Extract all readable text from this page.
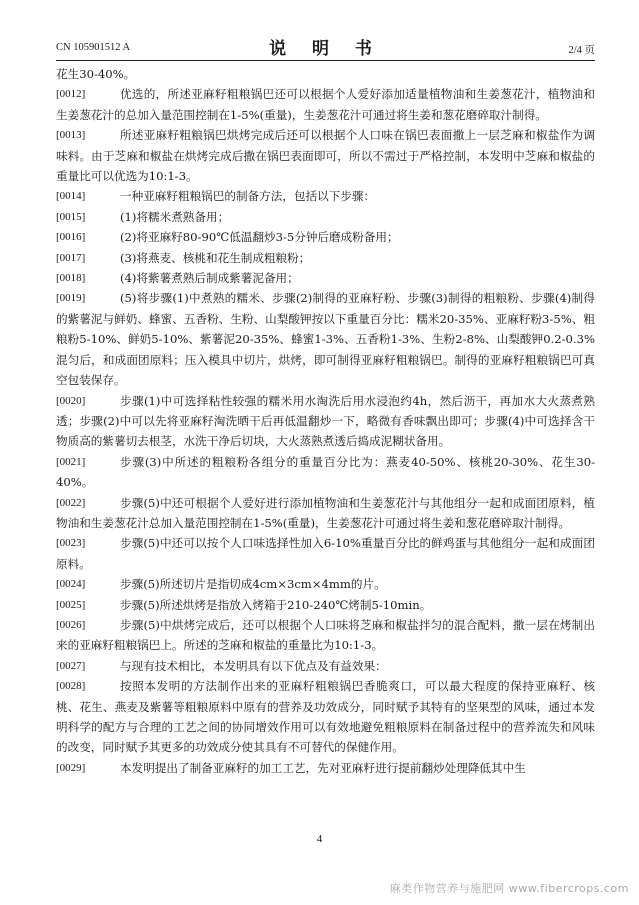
CN 105901512 A	说 明 书	2/4 页
花生30-40%。
[0012]	优选的，所述亚麻籽粗粮锅巴还可以根据个人爱好添加适量植物油和生姜葱花汁，植物油和生姜葱花汁的总加入量范围控制在1-5%(重量)，生姜葱花汁可通过将生姜和葱花磨碎取汁制得。
[0013]	所述亚麻籽粗粮锅巴烘烤完成后还可以根据个人口味在锅巴表面撒上一层芝麻和椒盐作为调味料。由于芝麻和椒盐在烘烤完成后撒在锅巴表面即可，所以不需过于严格控制，本发明中芝麻和椒盐的重量比可以优选为10:1-3。
[0014]	一种亚麻籽粗粮锅巴的制备方法，包括以下步骤：
[0015]	(1)将糯米煮熟备用；
[0016]	(2)将亚麻籽80-90℃低温翻炒3-5分钟后磨成粉备用；
[0017]	(3)将燕麦、核桃和花生制成粗粮粉；
[0018]	(4)将紫薯煮熟后制成紫薯泥备用；
[0019]	(5)将步骤(1)中煮熟的糯米、步骤(2)制得的亚麻籽粉、步骤(3)制得的粗粮粉、步骤(4)制得的紫薯泥与鲜奶、蜂蜜、五香粉、生粉、山梨酸钾按以下重量百分比：糯米20-35%、亚麻籽粉3-5%、粗粮粉5-10%、鲜奶5-10%、紫薯泥20-35%、蜂蜜1-3%、五香粉1-3%、生粉2-8%、山梨酸钾0.2-0.3%混匀后，和成面团原料；压入模具中切片，烘烤，即可制得亚麻籽粗粮锅巴。制得的亚麻籽粗粮锅巴可真空包装保存。
[0020]	步骤(1)中可选择粘性较强的糯米用水淘洗后用水浸泡约4h，然后沥干，再加水大火蒸煮熟透；步骤(2)中可以先将亚麻籽淘洗晒干后再低温翻炒一下，略微有香味飘出即可；步骤(4)中可选择含干物质高的紫薯切去根茎，水洗干净后切块，大火蒸熟煮透后捣成泥糊状备用。
[0021]	步骤(3)中所述的粗粮粉各组分的重量百分比为：燕麦40-50%、核桃20-30%、花生30-40%。
[0022]	步骤(5)中还可根据个人爱好进行添加植物油和生姜葱花汁与其他组分一起和成面团原料，植物油和生姜葱花汁总加入量范围控制在1-5%(重量)，生姜葱花汁可通过将生姜和葱花磨碎取汁制得。
[0023]	步骤(5)中还可以按个人口味选择性加入6-10%重量百分比的鲜鸡蛋与其他组分一起和成面团原料。
[0024]	步骤(5)所述切片是指切成4cm×3cm×4mm的片。
[0025]	步骤(5)所述烘烤是指放入烤箱于210-240℃烤制5-10min。
[0026]	步骤(5)中烘烤完成后，还可以根据个人口味将芝麻和椒盐拌匀的混合配料，撒一层在烤制出来的亚麻籽粗粮锅巴上。所述的芝麻和椒盐的重量比为10:1-3。
[0027]	与现有技术相比，本发明具有以下优点及有益效果：
[0028]	按照本发明的方法制作出来的亚麻籽粗粮锅巴香脆爽口，可以最大程度的保持亚麻籽、核桃、花生、燕麦及紫薯等粗粮原料中原有的营养及功效成分，同时赋予其特有的坚果型的风味，通过本发明科学的配方与合理的工艺之间的协同增效作用可以有效地避免粗粮原料在制备过程中的营养流失和风味的改变，同时赋予其更多的功效成分使其具有不可替代的保健作用。
[0029]	本发明提出了制备亚麻籽的加工工艺，先对亚麻籽进行提前翻炒处理降低其中生
4
麻类作物营养与施肥网 www.fibercrops.com
